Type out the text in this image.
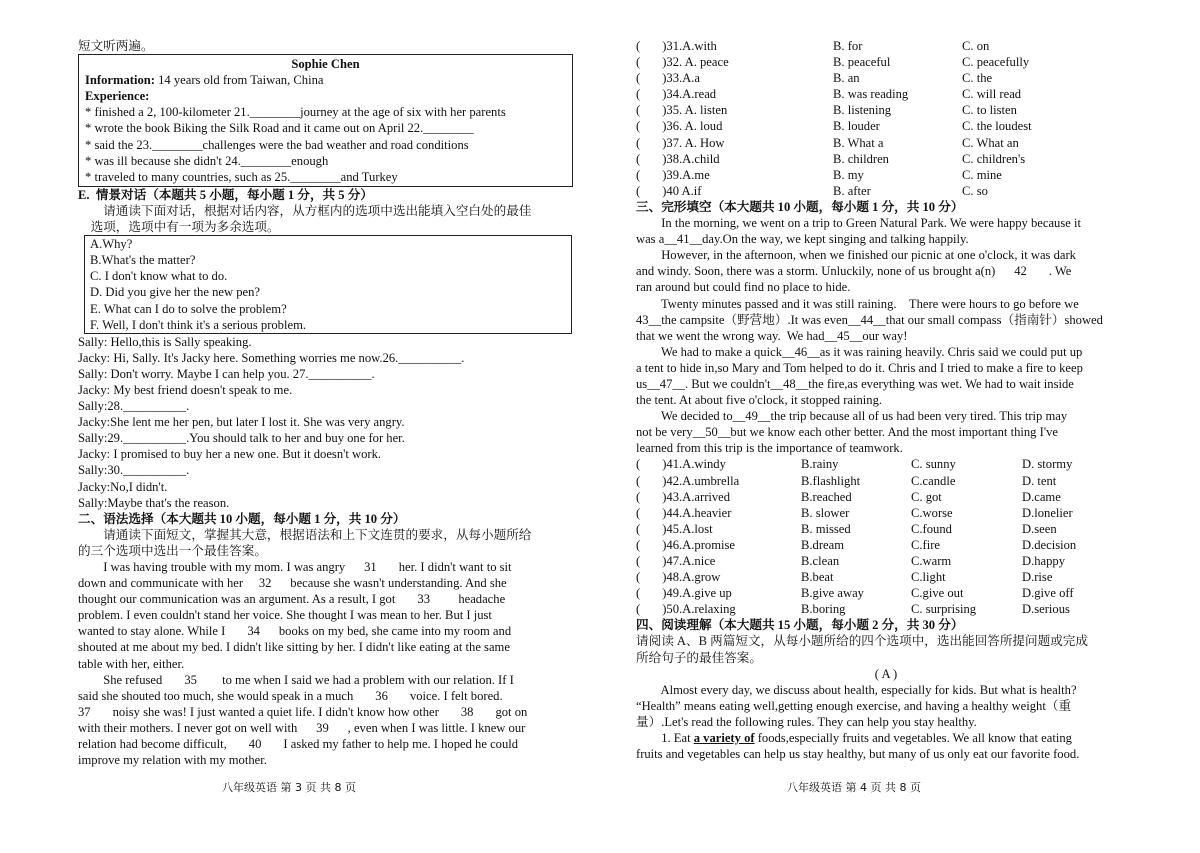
短文听两遍。
Sophie Chen
Information: 14 years old from Taiwan, China
Experience:
* finished a 2, 100-kilometer 21.________journey at the age of six with her parents
* wrote the book Biking the Silk Road and it came out on April 22.________
* said the 23.________challenges were the bad weather and road conditions
* was ill because she didn't 24.________enough
* traveled to many countries, such as 25.________and Turkey
E.  情景对话（本题共 5 小题，每小题 1 分，共 5 分）
请通读下面对话，根据对话内容，从方框内的选项中选出能填入空白处的最佳
选项，选项中有一项为多余选项。
A.Why?
B.What's the matter?
C. I don't know what to do.
D. Did you give her the new pen?
E. What can I do to solve the problem?
F. Well, I don't think it's a serious problem.
Sally: Hello,this is Sally speaking.
Jacky: Hi, Sally. It's Jacky here. Something worries me now.26.__________.
Sally: Don't worry. Maybe I can help you. 27.__________.
Jacky: My best friend doesn't speak to me.
Sally:28.__________.
Jacky:She lent me her pen, but later I lost it. She was very angry.
Sally:29.__________.You should talk to her and buy one for her.
Jacky: I promised to buy her a new one. But it doesn't work.
Sally:30.__________.
Jacky:No,I didn't.
Sally:Maybe that's the reason.
二、语法选择（本大题共 10 小题，每小题 1 分，共 10 分）
请通读下面短文，掌握其大意，根据语法和上下文连贯的要求，从每小题所给
的三个选项中选出一个最佳答案。
I was having trouble with my mom. I was angry      31       her. I didn't want to sit
down and communicate with her     32      because she wasn't understanding. And she
thought our communication was an argument. As a result, I got       33         headache
problem. I even couldn't stand her voice. She thought I was mean to her. But I just
wanted to stay alone. While I       34      books on my bed, she came into my room and
shouted at me about my bed. I didn't like sitting by her. I didn't like eating at the same
table with her, either.
She refused       35        to me when I said we had a problem with our relation. If I
said she shouted too much, she would speak in a much       36       voice. I felt bored.
37       noisy she was! I just wanted a quiet life. I didn't know how other       38       got on
with their mothers. I never got on well with      39      , even when I was little. I knew our
relation had become difficult,       40       I asked my father to help me. I hoped he could
improve my relation with my mother.
八年级英语 第 3 页 共 8 页
(       )31.A.with	B. for	C. on
(       )32. A. peace	B. peaceful	C. peacefully
(       )33.A.a	B. an	C. the
(       )34.A.read	B. was reading	C. will read
(       )35. A. listen	B. listening	C. to listen
(       )36. A. loud	B. louder	C. the loudest
(       )37. A. How	B. What a	C. What an
(       )38.A.child	B. children	C. children's
(       )39.A.me	B. my	C. mine
(       )40 A.if	B. after	C. so
三、完形填空（本大题共 10 小题，每小题 1 分，共 10 分）
In the morning, we went on a trip to Green Natural Park. We were happy because it
was a__41__day.On the way, we kept singing and talking happily.
However, in the afternoon, when we finished our picnic at one o'clock, it was dark
and windy. Soon, there was a storm. Unluckily, none of us brought a(n)      42       . We
ran around but could find no place to hide.
Twenty minutes passed and it was still raining.    There were hours to go before we
43__the campsite（野营地）.It was even__44__that our small compass（指南针）showed
that we went the wrong way.  We had__45__our way!
We had to make a quick__46__as it was raining heavily. Chris said we could put up
a tent to hide in,so Mary and Tom helped to do it. Chris and I tried to make a fire to keep
us__47__. But we couldn't__48__the fire,as everything was wet. We had to wait inside
the tent. At about five o'clock, it stopped raining.
We decided to__49__the trip because all of us had been very tired. This trip may
not be very__50__but we know each other better. And the most important thing I've
learned from this trip is the importance of teamwork.
(       )41.A.windy	B.rainy	C. sunny	D. stormy
(       )42.A.umbrella	B.flashlight	C.candle	D. tent
(       )43.A.arrived	B.reached	C. got	D.came
(       )44.A.heavier	B. slower	C.worse	D.lonelier
(       )45.A.lost	B. missed	C.found	D.seen
(       )46.A.promise	B.dream	C.fire	D.decision
(       )47.A.nice	B.clean	C.warm	D.happy
(       )48.A.grow	B.beat	C.light	D.rise
(       )49.A.give up	B.give away	C.give out	D.give off
(       )50.A.relaxing	B.boring	C. surprising	D.serious
四、阅读理解（本大题共 15 小题，每小题 2 分，共 30 分）
请阅读 A、B 两篇短文，从每小题所给的四个选项中，选出能回答所提问题或完成
所给句子的最佳答案。
( A )
Almost every day, we discuss about health, especially for kids. But what is health?
“Health” means eating well,getting enough exercise, and having a healthy weight（重
量）.Let's read the following rules. They can help you stay healthy.
1. Eat a variety of foods,especially fruits and vegetables. We all know that eating
fruits and vegetables can help us stay healthy, but many of us only eat our favorite food.
八年级英语 第 4 页 共 8 页
